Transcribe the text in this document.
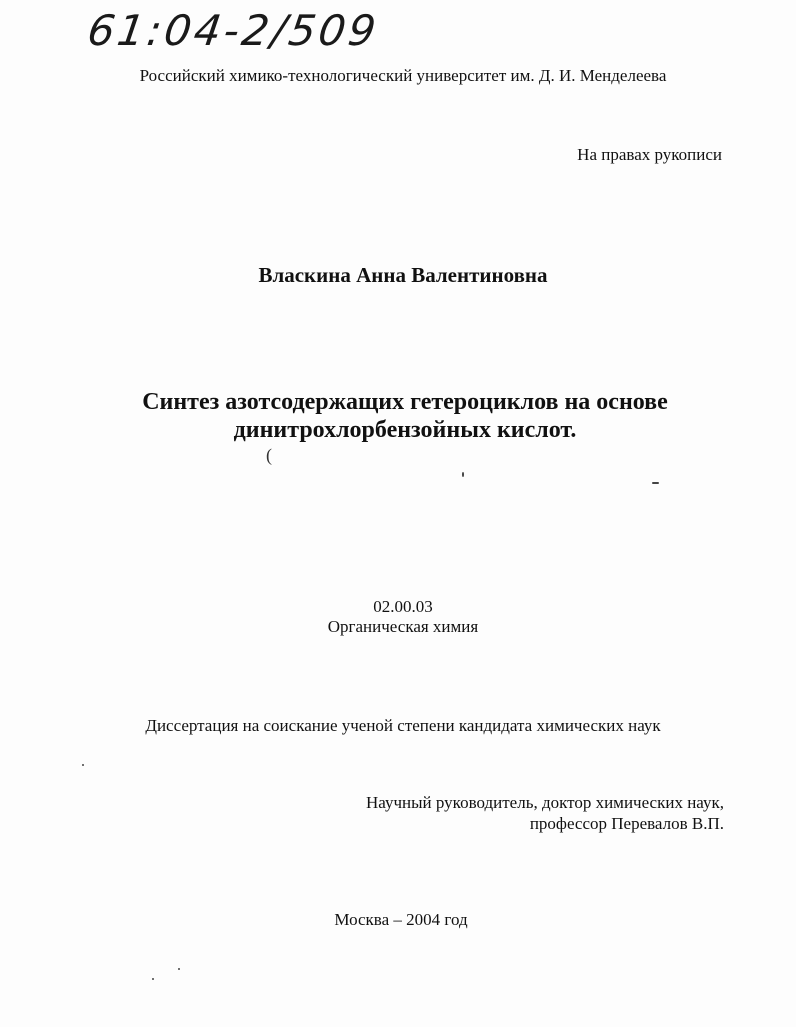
61:04-2/509
Российский химико-технологический университет им. Д. И. Менделеева
На правах рукописи
Власкина Анна Валентиновна
Синтез азотсодержащих гетероциклов на основе
динитрохлорбензойных кислот.
(
02.00.03
Органическая химия
Диссертация на соискание ученой степени кандидата химических наук
Научный руководитель, доктор химических наук,
профессор Перевалов В.П.
Москва – 2004 год
